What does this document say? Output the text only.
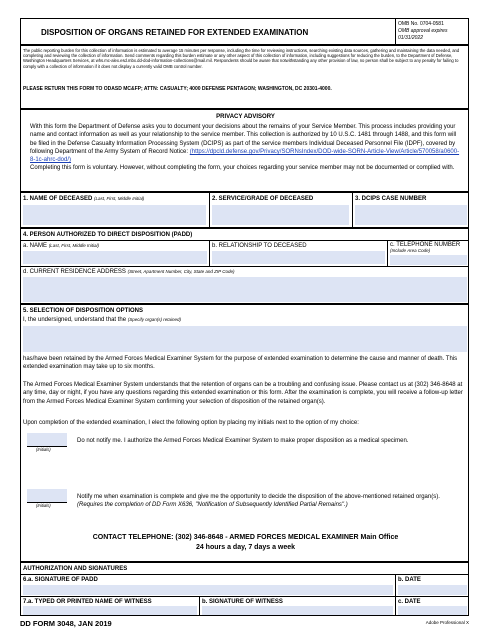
DISPOSITION OF ORGANS RETAINED FOR EXTENDED EXAMINATION
OMB No. 0704-0581
OMB approval expires
01/31/2022
The public reporting burden for this collection of information is estimated to average 15 minutes per response, including the time for reviewing instructions, searching existing data sources, gathering and maintaining the data needed, and completing and reviewing the collection of information. Send comments regarding this burden estimate or any other aspect of this collection of information, including suggestions for reducing the burden, to the Department of Defense, Washington Headquarters Services, at whs.mc-alex.esd.mbx.dd-dod-information-collections@mail.mil. Respondents should be aware that notwithstanding any other provision of law, no person shall be subject to any penalty for failing to comply with a collection of information if it does not display a currently valid OMB control number.
PLEASE RETURN THIS FORM TO ODASD MC&FP; ATTN: CASUALTY; 4000 DEFENSE PENTAGON; WASHINGTON, DC 20301-4000.
PRIVACY ADVISORY
With this form the Department of Defense asks you to document your decisions about the remains of your Service Member. This process includes providing your name and contact information as well as your relationship to the service member. This collection is authorized by 10 U.S.C. 1481 through 1488, and this form will be filed in the Defense Casualty Information Processing System (DCIPS) as part of the service members Individual Deceased Personnel File (IDPF), covered by following Department of the Army System of Record Notice: (https://dpcld.defense.gov/Privacy/SORNsIndex/DOD-wide-SORN-Article-View/Article/570058/a0600-8-1c-ahrc-dod/)
Completing this form is voluntary. However, without completing the form, your choices regarding your service member may not be documented or complied with.
1. NAME OF DECEASED (Last, First, Middle Initial)	2. SERVICE/GRADE OF DECEASED	3. DCIPS CASE NUMBER
4. PERSON AUTHORIZED TO DIRECT DISPOSITION (PADD)
a. NAME (Last, First, Middle Initial)	b. RELATIONSHIP TO DECEASED	c. TELEPHONE NUMBER (Include Area Code)
d. CURRENT RESIDENCE ADDRESS (Street, Apartment Number, City, State and ZIP Code)
5. SELECTION OF DISPOSITION OPTIONS
I, the undersigned, understand that the (Specify organ(s) retained)
has/have been retained by the Armed Forces Medical Examiner System for the purpose of extended examination to determine the cause and manner of death. This extended examination may take up to six months.
The Armed Forces Medical Examiner System understands that the retention of organs can be a troubling and confusing issue. Please contact us at (302) 346-8648 at any time, day or night, if you have any questions regarding this extended examination or this form. After the examination is complete, you will receive a follow-up letter from the Armed Forces Medical Examiner System confirming your selection of disposition of the retained organ(s).
Upon completion of the extended examination, I elect the following option by placing my initials next to the option of my choice:
(Initials)
Do not notify me. I authorize the Armed Forces Medical Examiner System to make proper disposition as a medical specimen.
(Initials)
Notify me when examination is complete and give me the opportunity to decide the disposition of the above-mentioned retained organ(s). (Requires the completion of DD Form X636, "Notification of Subsequently Identified Partial Remains".)
CONTACT TELEPHONE: (302) 346-8648 - ARMED FORCES MEDICAL EXAMINER Main Office
24 hours a day, 7 days a week
AUTHORIZATION AND SIGNATURES
6.a. SIGNATURE OF PADD	b. DATE
7.a. TYPED OR PRINTED NAME OF WITNESS	b. SIGNATURE OF WITNESS	c. DATE
DD FORM 3048, JAN 2019	Adobe Professional X
